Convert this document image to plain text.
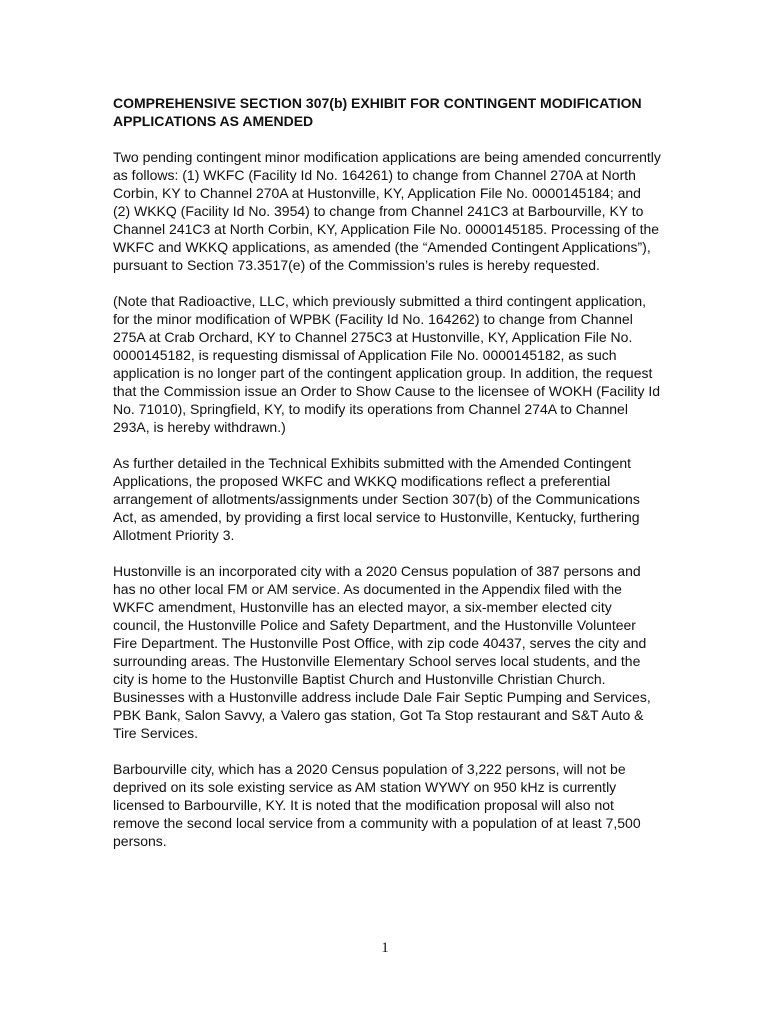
COMPREHENSIVE SECTION 307(b) EXHIBIT FOR CONTINGENT MODIFICATION APPLICATIONS AS AMENDED

Two pending contingent minor modification applications are being amended concurrently as follows: (1) WKFC (Facility Id No. 164261) to change from Channel 270A at North Corbin, KY to Channel 270A at Hustonville, KY, Application File No. 0000145184; and (2) WKKQ (Facility Id No. 3954) to change from Channel 241C3 at Barbourville, KY to Channel 241C3 at North Corbin, KY, Application File No. 0000145185. Processing of the WKFC and WKKQ applications, as amended (the “Amended Contingent Applications”), pursuant to Section 73.3517(e) of the Commission’s rules is hereby requested.

(Note that Radioactive, LLC, which previously submitted a third contingent application, for the minor modification of WPBK (Facility Id No. 164262) to change from Channel 275A at Crab Orchard, KY to Channel 275C3 at Hustonville, KY, Application File No. 0000145182, is requesting dismissal of Application File No. 0000145182, as such application is no longer part of the contingent application group. In addition, the request that the Commission issue an Order to Show Cause to the licensee of WOKH (Facility Id No. 71010), Springfield, KY, to modify its operations from Channel 274A to Channel 293A, is hereby withdrawn.)

As further detailed in the Technical Exhibits submitted with the Amended Contingent Applications, the proposed WKFC and WKKQ modifications reflect a preferential arrangement of allotments/assignments under Section 307(b) of the Communications Act, as amended, by providing a first local service to Hustonville, Kentucky, furthering Allotment Priority 3.

Hustonville is an incorporated city with a 2020 Census population of 387 persons and has no other local FM or AM service. As documented in the Appendix filed with the WKFC amendment, Hustonville has an elected mayor, a six-member elected city council, the Hustonville Police and Safety Department, and the Hustonville Volunteer Fire Department. The Hustonville Post Office, with zip code 40437, serves the city and surrounding areas. The Hustonville Elementary School serves local students, and the city is home to the Hustonville Baptist Church and Hustonville Christian Church. Businesses with a Hustonville address include Dale Fair Septic Pumping and Services, PBK Bank, Salon Savvy, a Valero gas station, Got Ta Stop restaurant and S&T Auto & Tire Services.

Barbourville city, which has a 2020 Census population of 3,222 persons, will not be deprived on its sole existing service as AM station WYWY on 950 kHz is currently licensed to Barbourville, KY. It is noted that the modification proposal will also not remove the second local service from a community with a population of at least 7,500 persons.

1
